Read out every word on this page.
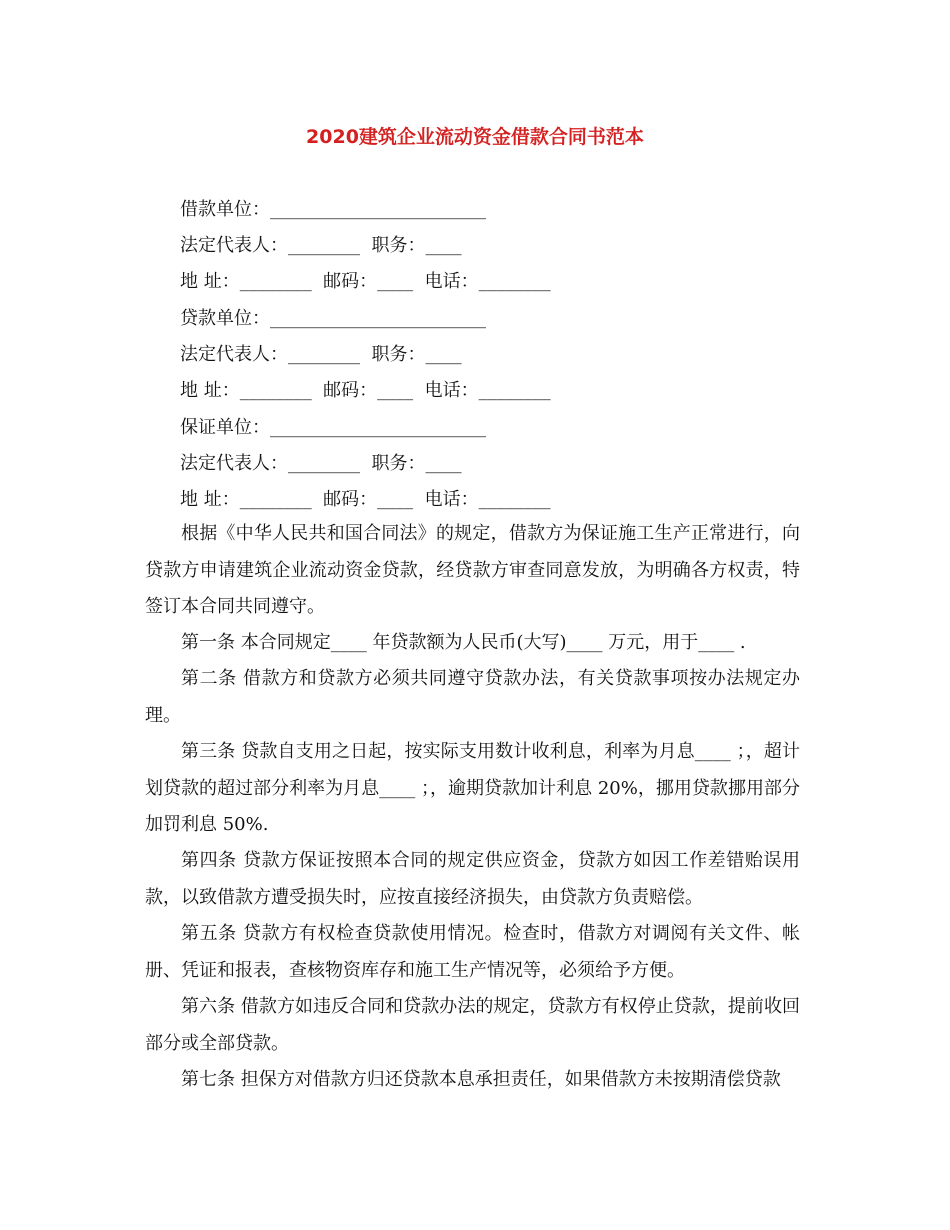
2020建筑企业流动资金借款合同书范本
借款单位：________________________
法定代表人：________  职务：____
地 址：________  邮码：____  电话：________
贷款单位：________________________
法定代表人：________  职务：____
地 址：________  邮码：____  电话：________
保证单位：________________________
法定代表人：________  职务：____
地 址：________  邮码：____  电话：________
根据《中华人民共和国合同法》的规定，借款方为保证施工生产正常进行，向贷款方申请建筑企业流动资金贷款，经贷款方审查同意发放，为明确各方权责，特签订本合同共同遵守。
第一条 本合同规定____ 年贷款额为人民币(大写)____ 万元，用于____ .
第二条 借款方和贷款方必须共同遵守贷款办法，有关贷款事项按办法规定办理。
第三条 贷款自支用之日起，按实际支用数计收利息，利率为月息____ ；，超计划贷款的超过部分利率为月息____ ；，逾期贷款加计利息 20%，挪用贷款挪用部分加罚利息 50%.
第四条 贷款方保证按照本合同的规定供应资金，贷款方如因工作差错贻误用款，以致借款方遭受损失时，应按直接经济损失，由贷款方负责赔偿。
第五条 贷款方有权检查贷款使用情况。检查时，借款方对调阅有关文件、帐册、凭证和报表，查核物资库存和施工生产情况等，必须给予方便。
第六条 借款方如违反合同和贷款办法的规定，贷款方有权停止贷款，提前收回部分或全部贷款。
第七条 担保方对借款方归还贷款本息承担责任，如果借款方未按期清偿贷款
